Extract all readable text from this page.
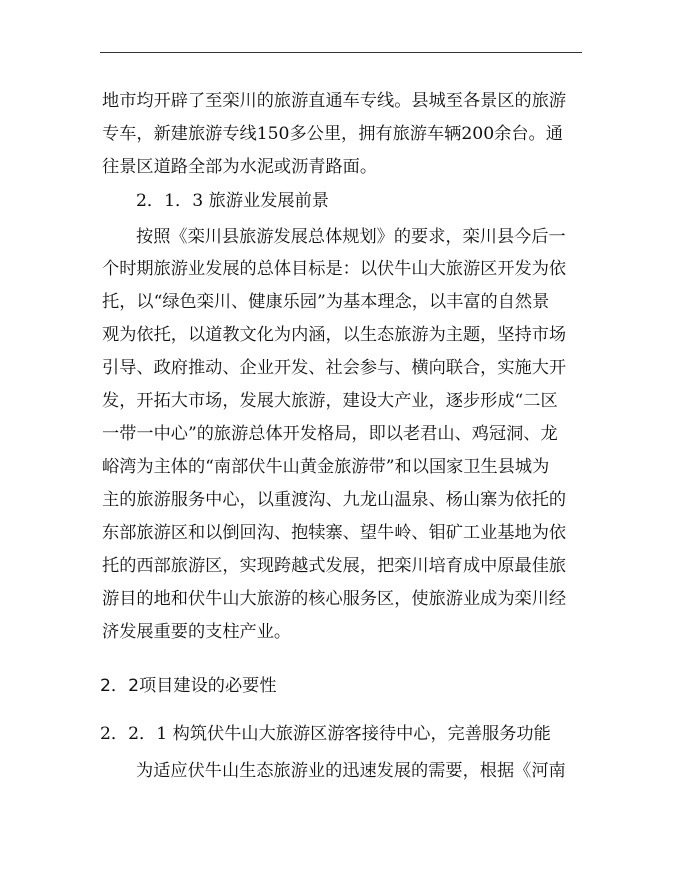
地市均开辟了至栾川的旅游直通车专线。县城至各景区的旅游
专车，新建旅游专线150多公里，拥有旅游车辆200余台。通
往景区道路全部为水泥或沥青路面。
2．1．3 旅游业发展前景
按照《栾川县旅游发展总体规划》的要求，栾川县今后一
个时期旅游业发展的总体目标是：以伏牛山大旅游区开发为依
托，以“绿色栾川、健康乐园”为基本理念，以丰富的自然景
观为依托，以道教文化为内涵，以生态旅游为主题，坚持市场
引导、政府推动、企业开发、社会参与、横向联合，实施大开
发，开拓大市场，发展大旅游，建设大产业，逐步形成“二区
一带一中心”的旅游总体开发格局，即以老君山、鸡冠洞、龙
峪湾为主体的“南部伏牛山黄金旅游带”和以国家卫生县城为
主的旅游服务中心，以重渡沟、九龙山温泉、杨山寨为依托的
东部旅游区和以倒回沟、抱犊寨、望牛岭、钼矿工业基地为依
托的西部旅游区，实现跨越式发展，把栾川培育成中原最佳旅
游目的地和伏牛山大旅游的核心服务区，使旅游业成为栾川经
济发展重要的支柱产业。
2．2项目建设的必要性
2．2．1 构筑伏牛山大旅游区游客接待中心，完善服务功能
为适应伏牛山生态旅游业的迅速发展的需要，根据《河南
